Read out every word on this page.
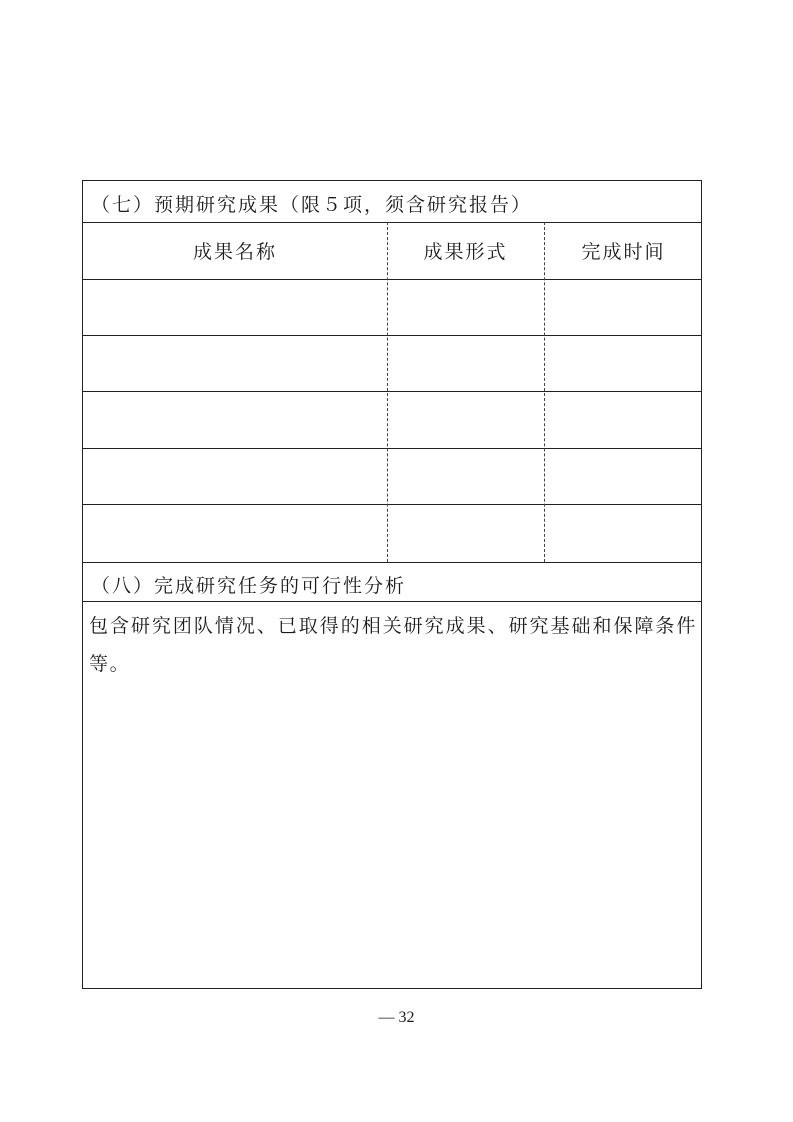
（七）预期研究成果（限５项，须含研究报告）
成果名称	成果形式	完成时间
（八）完成研究任务的可行性分析
包含研究团队情况、已取得的相关研究成果、研究基础和保障条件等。
— 32
